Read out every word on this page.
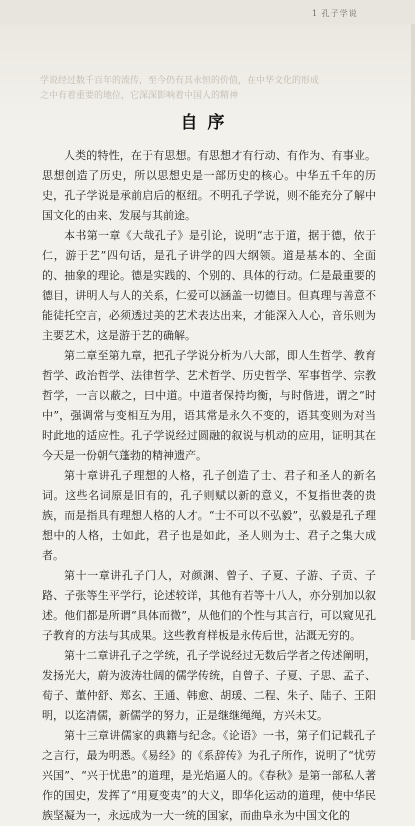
1 孔子学说
学说经过数千百年的流传，至今仍有其永恒的价值，在中华文化的形成
之中有着重要的地位，它深深影响着中国人的精神
自序

人类的特性，在于有思想。有思想才有行动、有作为、有事业。思想创造了历史，所以思想史是一部历史的核心。中华五千年的历史，孔子学说是承前启后的枢纽。不明孔子学说，则不能充分了解中国文化的由来、发展与其前途。

本书第一章《大哉孔子》是引论，说明“志于道，据于德，依于仁，游于艺”四句话，是孔子讲学的四大纲领。道是基本的、全面的、抽象的理论。德是实践的、个别的、具体的行动。仁是最重要的德目，讲明人与人的关系，仁爱可以涵盖一切德目。但真理与善意不能徒托空言，必须透过美的艺术表达出来，才能深入人心，音乐则为主要艺术，这是游于艺的确解。

第二章至第九章，把孔子学说分析为八大部，即人生哲学、教育哲学、政治哲学、法律哲学、艺术哲学、历史哲学、军事哲学、宗教哲学，一言以蔽之，曰中道。中道者保持均衡，与时偕进，谓之“时中”，强调常与变相互为用，语其常是永久不变的，语其变则为对当时此地的适应性。孔子学说经过圆融的叙说与机动的应用，证明其在今天是一份朝气蓬勃的精神遗产。

第十章讲孔子理想的人格，孔子创造了士、君子和圣人的新名词。这些名词原是旧有的，孔子则赋以新的意义，不复指世袭的贵族，而是指具有理想人格的人才。“士不可以不弘毅”，弘毅是孔子理想中的人格，士如此，君子也是如此，圣人则为士、君子之集大成者。

第十一章讲孔子门人，对颜渊、曾子、子夏、子游、子贡、子路、子张等生平学行，论述较详，其他有若等十八人，亦分别加以叙述。他们都是所谓“具体而微”，从他们的个性与其言行，可以窥见孔子教育的方法与其成果。这些教育样板是永传后世，沾溉无穷的。

第十二章讲孔子之学统，孔子学说经过无数后学者之传述阐明，发扬光大，蔚为波涛壮阔的儒学传统，自曾子、子夏、子思、孟子、荀子、董仲舒、郑玄、王通、韩愈、胡瑗、二程、朱子、陆子、王阳明，以迄清儒，新儒学的努力，正是继继绳绳，方兴未艾。

第十三章讲儒家的典籍与纪念。《论语》一书，第子们记载孔子之言行，最为明悉。《易经》的《系辞传》为孔子所作，说明了“忧劳兴国”、“兴于忧患”的道理，是光焰逼人的。《春秋》是第一部私人著作的国史，发挥了“用夏变夷”的大义，即华化运动的道理，使中华民族坚凝为一，永远成为一大一统的国家，而曲阜永为中国文化的
